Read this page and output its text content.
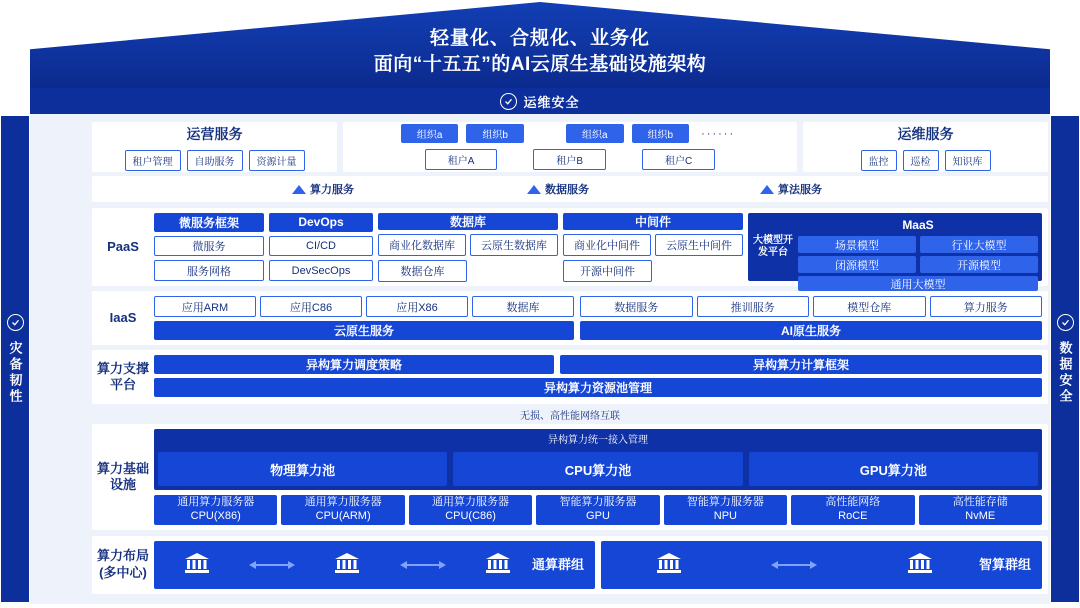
轻量化、合规化、业务化
面向“十五五”的AI云原生基础设施架构
运维安全
灾备韧性	数据安全
运营服务
租户管理	自助服务	资源计量
组织a	组织b	组织a	组织b	······
租户A	租户B	租户C
运维服务
监控	巡检	知识库
算力服务	数据服务	算法服务
PaaS
微服务框架
微服务
服务网格
DevOps
CI/CD
DevSecOps
数据库
商业化数据库	云原生数据库
数据仓库
中间件
商业化中间件	云原生中间件
开源中间件
大模型开发平台
MaaS
场景模型	行业大模型
闭源模型	开源模型
通用大模型
IaaS
应用ARM	应用C86	应用X86	数据库
云原生服务
数据服务	推训服务	模型仓库	算力服务
AI原生服务
算力支撑平台
异构算力调度策略	异构算力计算框架
异构算力资源池管理
无损、高性能网络互联
算力基础设施
异构算力统一接入管理
物理算力池	CPU算力池	GPU算力池
通用算力服务器
CPU(X86)
通用算力服务器
CPU(ARM)
通用算力服务器
CPU(C86)
智能算力服务器
GPU
智能算力服务器
NPU
高性能网络
RoCE
高性能存储
NvME
算力布局(多中心)
通算群组	智算群组
